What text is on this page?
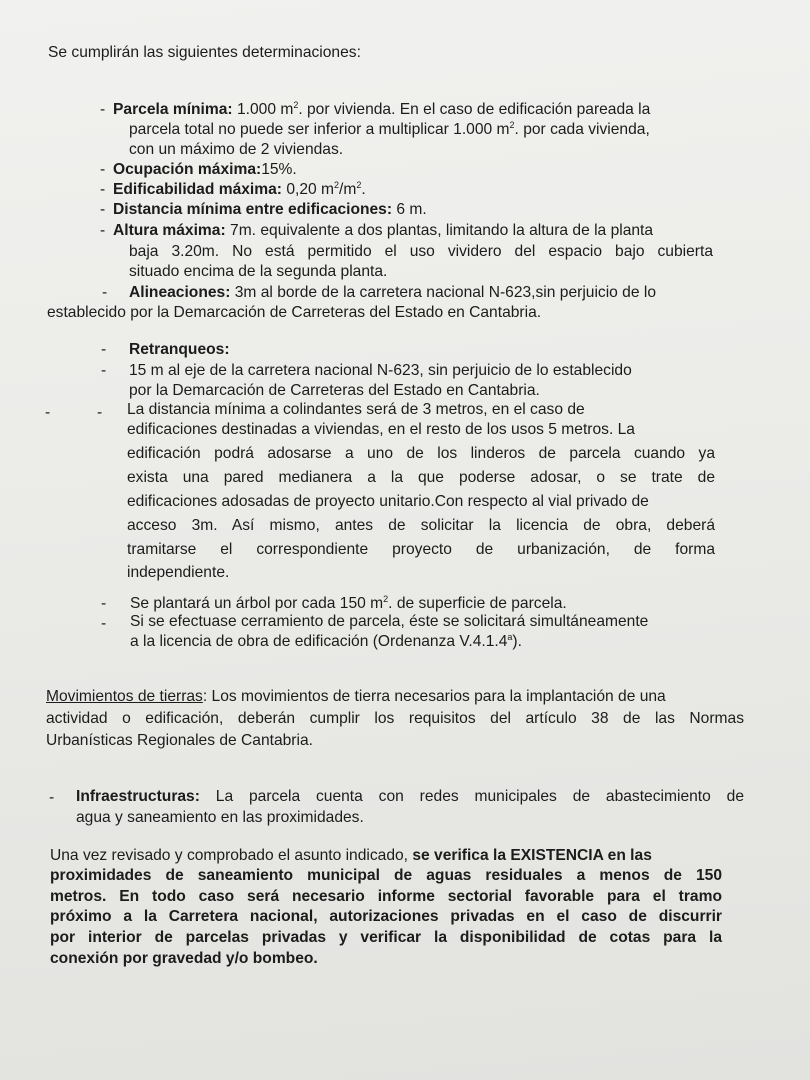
Se cumplirán las siguientes determinaciones:
- Parcela mínima: 1.000 $m^2$. por vivienda. En el caso de edificación pareada la
parcela total no puede ser inferior a multiplicar 1.000 $m^2$. por cada vivienda,
con un máximo de 2 viviendas.
- Ocupación máxima:15%.
- Edificabilidad máxima: 0,20 $m^2/m^2$.
- Distancia mínima entre edificaciones: 6 m.
- Altura máxima: 7m. equivalente a dos plantas, limitando la altura de la planta
baja 3.20m. No está permitido el uso vividero del espacio bajo cubierta
situado encima de la segunda planta.
- Alineaciones: 3m al borde de la carretera nacional N-623,sin perjuicio de lo
establecido por la Demarcación de Carreteras del Estado en Cantabria.
- Retranqueos:
- 15 m al eje de la carretera nacional N-623, sin perjuicio de lo establecido
por la Demarcación de Carreteras del Estado en Cantabria.
-	- La distancia mínima a colindantes será de 3 metros, en el caso de
edificaciones destinadas a viviendas, en el resto de los usos 5 metros. La
edificación podrá adosarse a uno de los linderos de parcela cuando ya
exista una pared medianera a la que poderse adosar, o se trate de
edificaciones adosadas de proyecto unitario.Con respecto al vial privado de
acceso 3m. Así mismo, antes de solicitar la licencia de obra, deberá
tramitarse el correspondiente proyecto de urbanización, de forma
independiente.
- Se plantará un árbol por cada 150 $m^2$. de superficie de parcela.
- Si se efectuase cerramiento de parcela, éste se solicitará simultáneamente
a la licencia de obra de edificación (Ordenanza V.4.1.4$^a$).
Movimientos de tierras: Los movimientos de tierra necesarios para la implantación de una
actividad o edificación, deberán cumplir los requisitos del artículo 38 de las Normas
Urbanísticas Regionales de Cantabria.
- Infraestructuras: La parcela cuenta con redes municipales de abastecimiento de
agua y saneamiento en las proximidades.
Una vez revisado y comprobado el asunto indicado, se verifica la EXISTENCIA en las
proximidades de saneamiento municipal de aguas residuales a menos de 150
metros. En todo caso será necesario informe sectorial favorable para el tramo
próximo a la Carretera nacional, autorizaciones privadas en el caso de discurrir
por interior de parcelas privadas y verificar la disponibilidad de cotas para la
conexión por gravedad y/o bombeo.
